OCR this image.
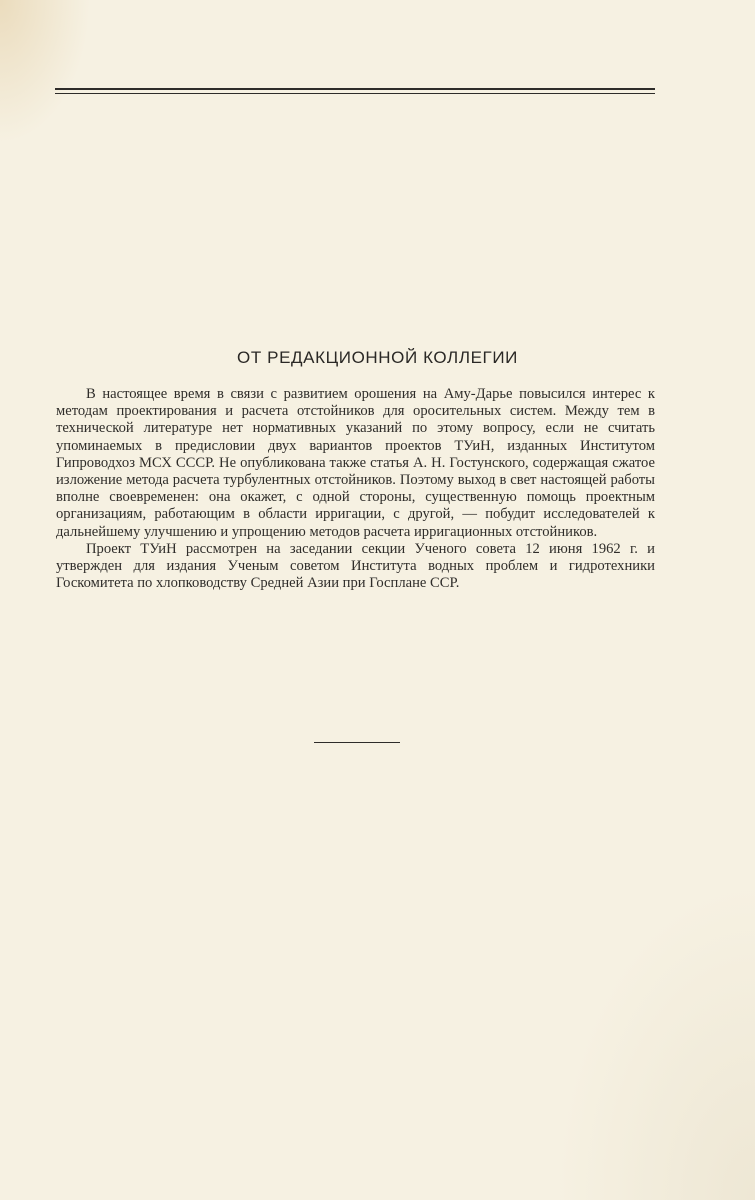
ОТ РЕДАКЦИОННОЙ КОЛЛЕГИИ

В настоящее время в связи с развитием орошения на Аму-Дарье повысился интерес к методам проектирования и расчета отстойников для оросительных систем. Между тем в технической литературе нет нормативных указаний по этому вопросу, если не считать упоминаемых в предисловии двух вариантов проектов ТУиН, изданных Институтом Гипроводхоз МСХ СССР. Не опубликована также статья А. Н. Гостунского, содержащая сжатое изложение метода расчета турбулентных отстойников. Поэтому выход в свет настоящей работы вполне своевременен: она окажет, с одной стороны, существенную помощь проектным организациям, работающим в области ирригации, с другой, — побудит исследователей к дальнейшему улучшению и упрощению методов расчета ирригационных отстойников.

Проект ТУиН рассмотрен на заседании секции Ученого совета 12 июня 1962 г. и утвержден для издания Ученым советом Института водных проблем и гидротехники Госкомитета по хлопководству Средней Азии при Госплане ССР.
